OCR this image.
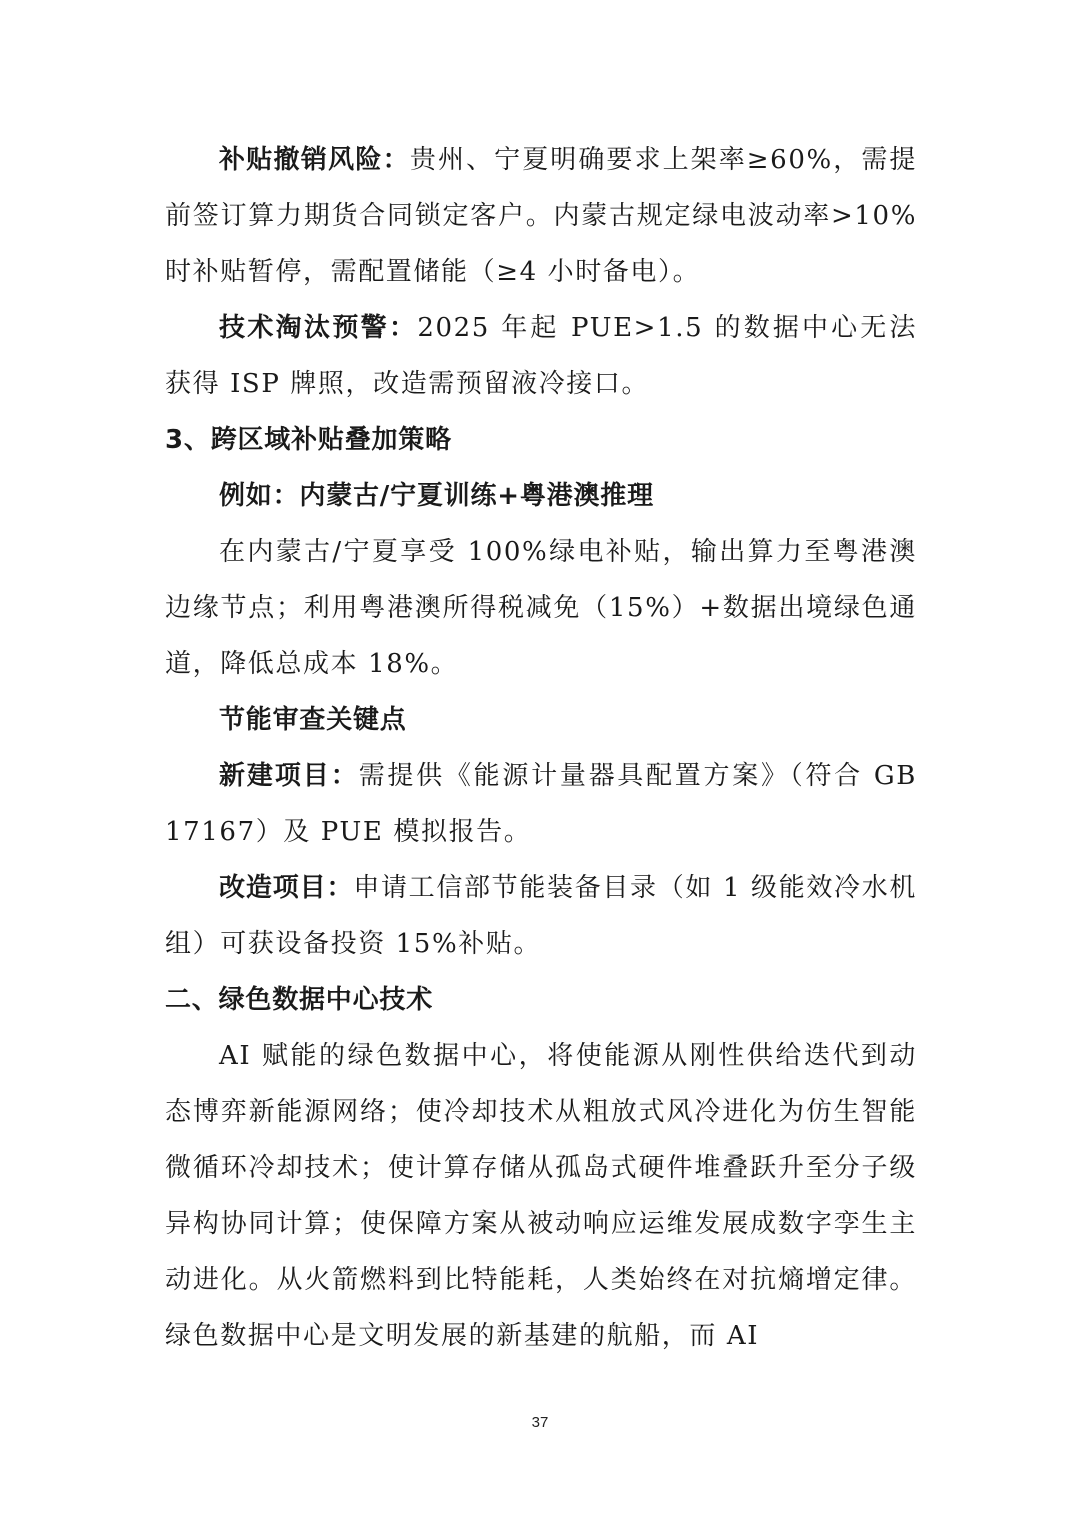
补贴撤销风险：贵州、宁夏明确要求上架率≥60%，需提前签订算力期货合同锁定客户。内蒙古规定绿电波动率>10%时补贴暂停，需配置储能（≥4 小时备电）。

技术淘汰预警：2025 年起 PUE>1.5 的数据中心无法获得 ISP 牌照，改造需预留液冷接口。

3、跨区域补贴叠加策略

例如：内蒙古/宁夏训练+粤港澳推理

在内蒙古/宁夏享受 100%绿电补贴，输出算力至粤港澳边缘节点；利用粤港澳所得税减免（15%）+数据出境绿色通道，降低总成本 18%。

节能审查关键点

新建项目：需提供《能源计量器具配置方案》（符合 GB 17167）及 PUE 模拟报告。

改造项目：申请工信部节能装备目录（如 1 级能效冷水机组）可获设备投资 15%补贴。

二、绿色数据中心技术

AI 赋能的绿色数据中心，将使能源从刚性供给迭代到动态博弈新能源网络；使冷却技术从粗放式风冷进化为仿生智能微循环冷却技术；使计算存储从孤岛式硬件堆叠跃升至分子级异构协同计算；使保障方案从被动响应运维发展成数字孪生主动进化。从火箭燃料到比特能耗，人类始终在对抗熵增定律。绿色数据中心是文明发展的新基建的航船，而 AI

37
